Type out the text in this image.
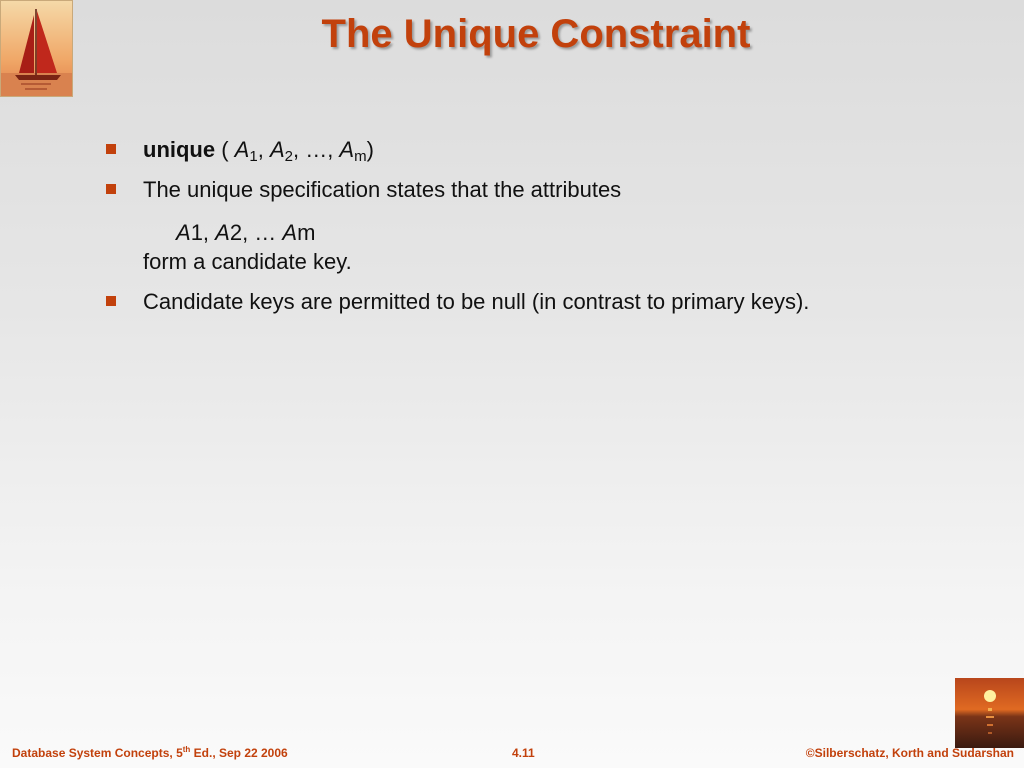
The Unique Constraint
unique ( $A_1$, $A_2$, …, $A_m$)
The unique specification states that the attributes
A1, A2, … Am
form a candidate key.
Candidate keys are permitted to be null (in contrast to primary keys).
Database System Concepts, 5th Ed., Sep 22 2006	4.11	©Silberschatz, Korth and Sudarshan
